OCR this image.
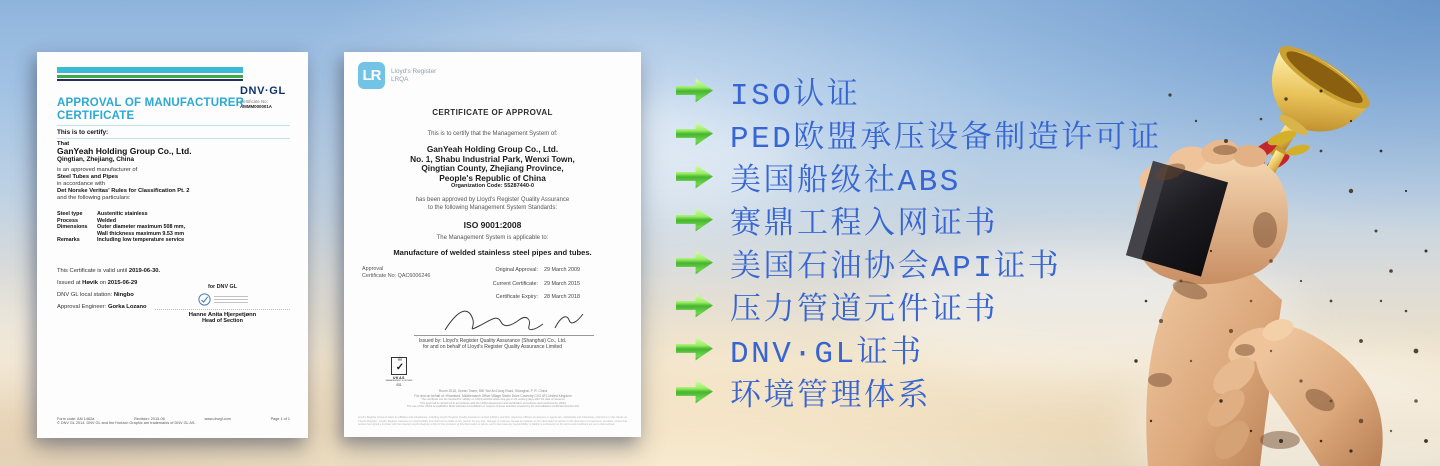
DNV·GL
Certificate No:
AMMM000001A
APPROVAL OF MANUFACTURER
CERTIFICATE
This is to certify:
That
GanYeah Holding Group Co., Ltd.
Qingtian, Zhejiang, China
is an approved manufacturer of
Steel Tubes and Pipes
in accordance with
Det Norske Veritas' Rules for Classification Pt. 2
and the following particulars:
Steel type	Austenitic stainless
Process	Welded
Dimensions	Outer diameter maximum 508 mm,
Wall thickness maximum 9.53 mm
Remarks	Including low temperature service
This Certificate is valid until 2019-06-30.
Issued at Høvik on 2015-06-29
DNV GL local station: Ningbo
Approval Engineer: Gorka Lozano
for DNV GL
Hanne Anita Hjerpetjønn
Head of Section
Form code: AM 1462a	Revision: 2015-06	www.dnvgl.com	Page 1 of 1
© DNV GL 2014. DNV GL and the Horizon Graphic are trademarks of DNV GL AS.
LR	Lloyd's Register
LRQA
CERTIFICATE OF APPROVAL
This is to certify that the Management System of:
GanYeah Holding Group Co., Ltd.
No. 1, Shabu Industrial Park, Wenxi Town,
Qingtian County, Zhejiang Province,
People's Republic of China
Organization Code: 55287440-0
has been approved by Lloyd's Register Quality Assurance
to the following Management System Standards:
ISO 9001:2008
The Management System is applicable to:
Manufacture of welded stainless steel pipes and tubes.
Approval
Certificate No: QAC6006246
Original Approval:	29 March 2009
Current Certificate:	29 March 2015
Certificate Expiry:	28 March 2018
Issued by: Lloyd's Register Quality Assurance (Shanghai) Co., Ltd.
for and on behalf of Lloyd's Register Quality Assurance Limited
♔
✓
UKAS
MANAGEMENT SYSTEMS
001
Room 2018, Ocean Tower, 550 Yan An Dong Road, Shanghai, P. R. China
For and on behalf of: Hiramford, Middlemarch Office Village Siskin Drive Coventry CV3 4FJ United Kingdom
The certificate can be checked for validity on CNCA website www.cnca.gov.cn 01 working days after the date of issuance
This approval is carried out in accordance with the LRQA assessment and certification procedures and monitored by LRQA
The use of the UKAS Accreditation Mark indicates Accreditation in respect of those activities covered by the Accreditation Certificate Number 001
Lloyd's Register Group Limited, its affiliates and subsidiaries, including Lloyd's Register Quality Assurance Limited (LRQA), and their respective officers, employees or agents are, individually and collectively, referred to in this clause as 'Lloyd's Register'. Lloyd's Register assumes no responsibility and shall not be liable to any person for any loss, damage or expense caused by reliance on the information or advice in this document or howsoever provided, unless that person has signed a contract with the relevant Lloyd's Register entity for the provision of this information or advice and in that case any responsibility or liability is exclusively on the terms and conditions set out in that contract.
ISO认证
PED欧盟承压设备制造许可证
美国船级社ABS
赛鼎工程入网证书
美国石油协会API证书
压力管道元件证书
DNV·GL证书
环境管理体系
